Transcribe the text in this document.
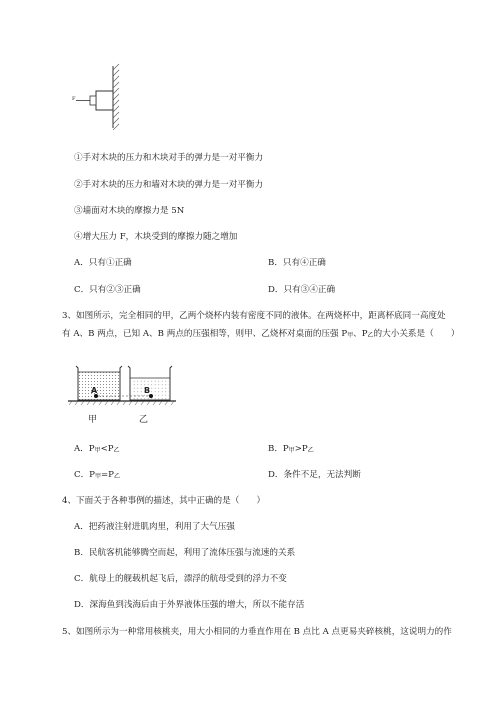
F
①手对木块的压力和木块对手的弹力是一对平衡力
②手对木块的压力和墙对木块的弹力是一对平衡力
③墙面对木块的摩擦力是 5N
④增大压力 F，木块受到的摩擦力随之增加
A．只有①正确	B．只有④正确
C．只有②③正确	D．只有③④正确
3、如图所示，完全相同的甲，乙两个烧杯内装有密度不同的液体。在两烧杯中，距离杯底同一高度处
有 A、B 两点，已知 A、B 两点的压强相等，则甲、乙烧杯对桌面的压强 $P_甲$、$P_乙$的大小关系是（　　）
A	B
甲	乙
A．$P_甲<P_乙$	B．$P_甲>P_乙$
C．$P_甲=P_乙$	D．条件不足，无法判断
4、下面关于各种事例的描述，其中正确的是（　　）
A．把药液注射进肌肉里，利用了大气压强
B．民航客机能够腾空而起，利用了流体压强与流速的关系
C．航母上的舰载机起飞后，漂浮的航母受到的浮力不变
D．深海鱼到浅海后由于外界液体压强的增大，所以不能存活
5、如图所示为一种常用核桃夹，用大小相同的力垂直作用在 B 点比 A 点更易夹碎核桃，这说明力的作
